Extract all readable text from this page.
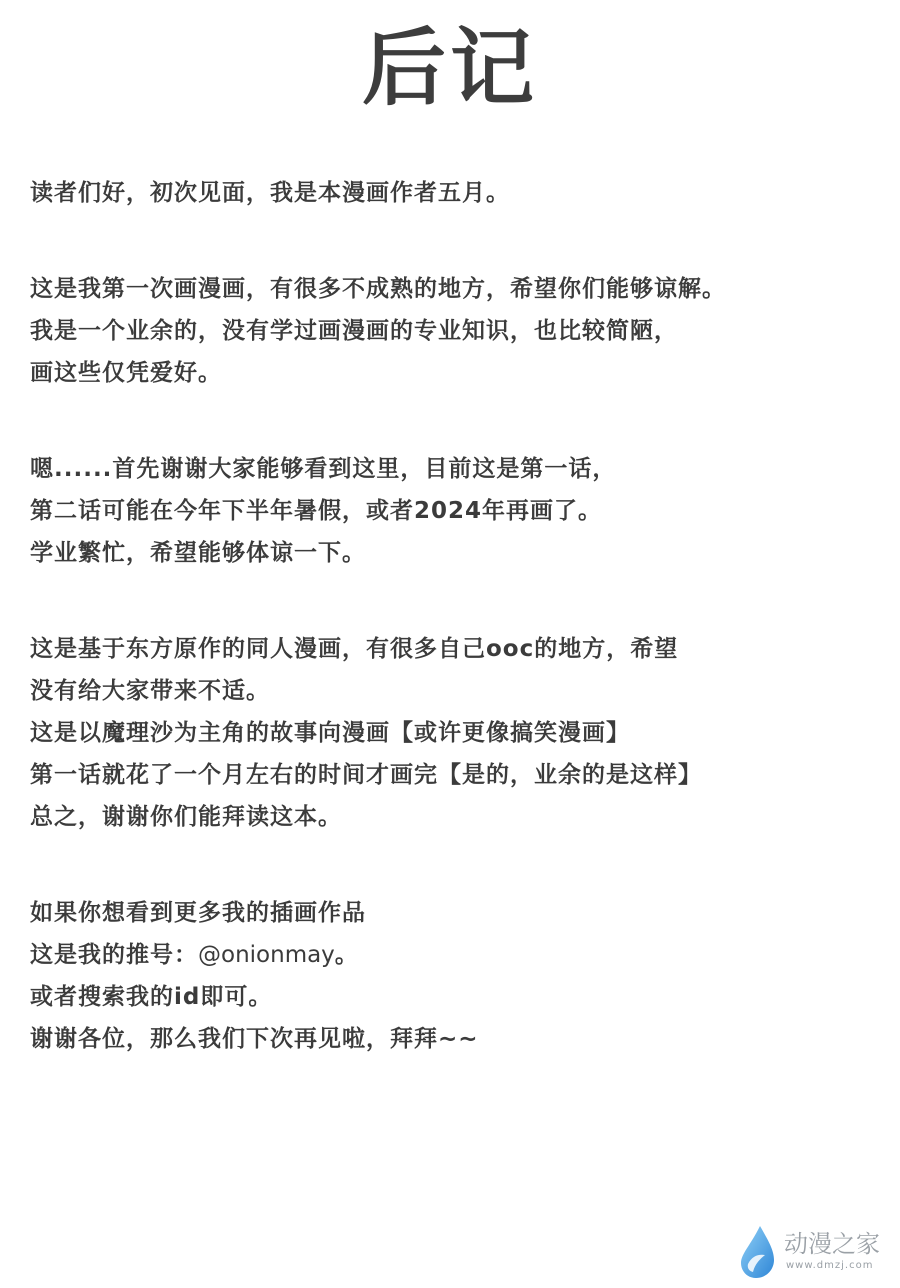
后记
读者们好，初次见面，我是本漫画作者五月。
这是我第一次画漫画，有很多不成熟的地方，希望你们能够谅解。
我是一个业余的，没有学过画漫画的专业知识，也比较简陋，
画这些仅凭爱好。
嗯......首先谢谢大家能够看到这里，目前这是第一话，
第二话可能在今年下半年暑假，或者2024年再画了。
学业繁忙，希望能够体谅一下。
这是基于东方原作的同人漫画，有很多自己ooc的地方，希望
没有给大家带来不适。
这是以魔理沙为主角的故事向漫画【或许更像搞笑漫画】
第一话就花了一个月左右的时间才画完【是的，业余的是这样】
总之，谢谢你们能拜读这本。
如果你想看到更多我的插画作品
这是我的推号：@onionmay。
或者搜索我的id即可。
谢谢各位，那么我们下次再见啦，拜拜~~
动漫之家
www.dmzj.com
